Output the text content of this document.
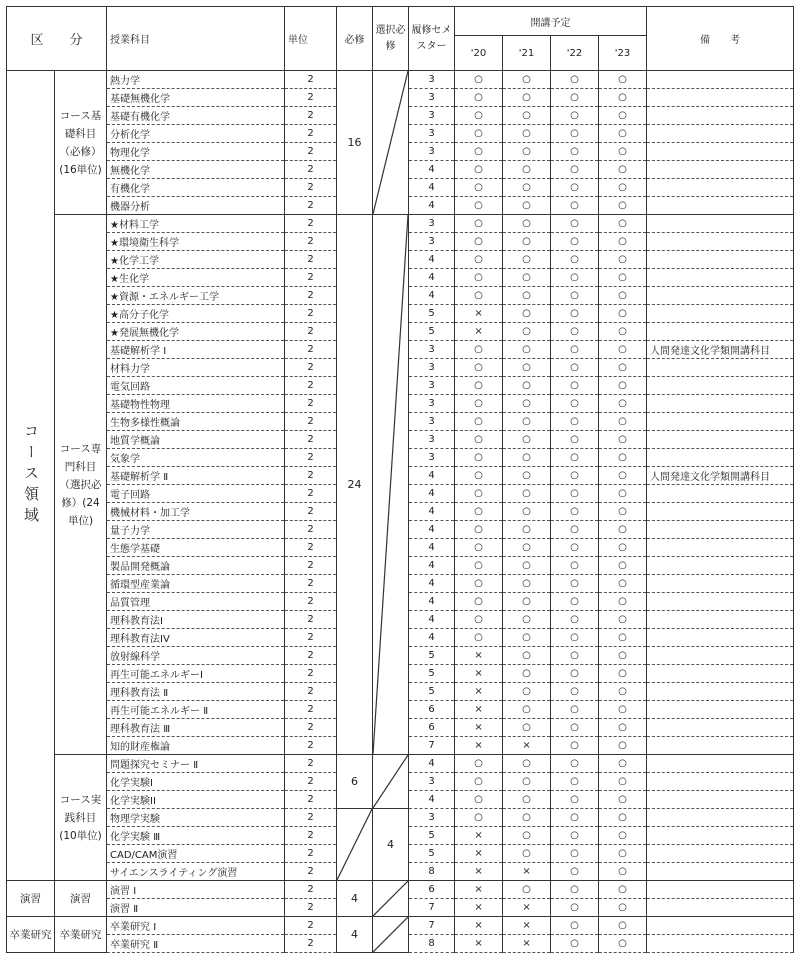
区　　分		授業科目	単位	必修	選択必修	履修セメスター	開講予定				備　　考
							'20	'21	'22	'23	

コース領域	コース基礎科目（必修）(16単位)	熱力学	2	16		3	○	○	○	○	
		基礎無機化学	2			3	○	○	○	○	
		基礎有機化学	2			3	○	○	○	○	
		分析化学	2			3	○	○	○	○	
		物理化学	2			3	○	○	○	○	
		無機化学	2			4	○	○	○	○	
		有機化学	2			4	○	○	○	○	
		機器分析	2			4	○	○	○	○	
	コース専門科目（選択必修）(24単位)	★材料工学	2	24		3	○	○	○	○	
		★環境衛生科学	2			3	○	○	○	○	
		★化学工学	2			4	○	○	○	○	
		★生化学	2			4	○	○	○	○	
		★資源・エネルギー工学	2			4	○	○	○	○	
		★高分子化学	2			5	×	○	○	○	
		★発展無機化学	2			5	×	○	○	○	
		基礎解析学 I	2			3	○	○	○	○	人間発達文化学類開講科目
		材料力学	2			3	○	○	○	○	
		電気回路	2			3	○	○	○	○	
		基礎物性物理	2			3	○	○	○	○	
		生物多様性概論	2			3	○	○	○	○	
		地質学概論	2			3	○	○	○	○	
		気象学	2			3	○	○	○	○	
		基礎解析学 Ⅱ	2			4	○	○	○	○	人間発達文化学類開講科目
		電子回路	2			4	○	○	○	○	
		機械材料・加工学	2			4	○	○	○	○	
		量子力学	2			4	○	○	○	○	
		生態学基礎	2			4	○	○	○	○	
		製品開発概論	2			4	○	○	○	○	
		循環型産業論	2			4	○	○	○	○	
		品質管理	2			4	○	○	○	○	
		理科教育法I	2			4	○	○	○	○	
		理科教育法IV	2			4	○	○	○	○	
		放射線科学	2			5	×	○	○	○	
		再生可能エネルギーI	2			5	×	○	○	○	
		理科教育法 Ⅱ	2			5	×	○	○	○	
		再生可能エネルギー Ⅱ	2			6	×	○	○	○	
		理科教育法 Ⅲ	2			6	×	○	○	○	
		知的財産権論	2			7	×	×	○	○	
	コース実践科目(10単位)	問題探究セミナー Ⅱ	2	6		4	○	○	○	○	
		化学実験I	2			3	○	○	○	○	
		化学実験II	2			4	○	○	○	○	
		物理学実験	2		4	3	○	○	○	○	
		化学実験 Ⅲ	2			5	×	○	○	○	
		CAD/CAM演習	2			5	×	○	○	○	
		サイエンスライティング演習	2			8	×	×	○	○	

演習	演習	演習 I	2	4		6	×	○	○	○	
		演習 Ⅱ	2			7	×	×	○	○	

卒業研究	卒業研究	卒業研究 I	2	4		7	×	×	○	○	
		卒業研究 Ⅱ	2			8	×	×	○	○	
